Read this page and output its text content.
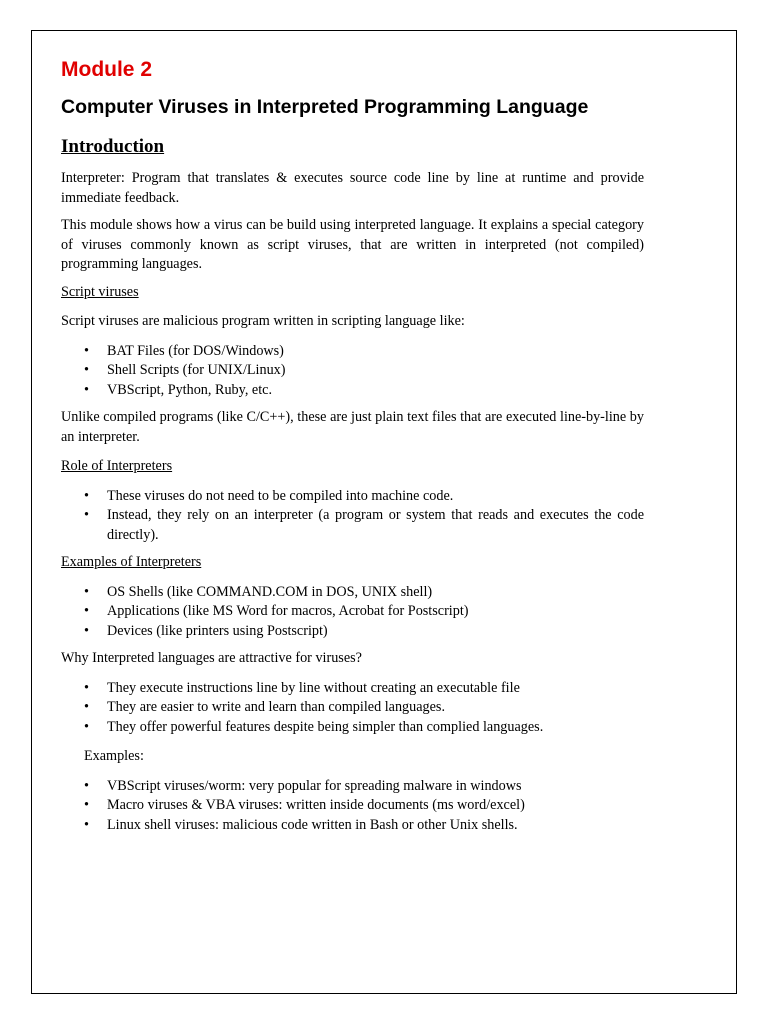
Module 2
Computer Viruses in Interpreted Programming Language
Introduction

Interpreter: Program that translates & executes source code line by line at runtime and provide immediate feedback.

This module shows how a virus can be build using interpreted language. It explains a special category of viruses commonly known as script viruses, that are written in interpreted (not compiled) programming languages.

Script viruses

Script viruses are malicious program written in scripting language like:

• BAT Files (for DOS/Windows)
• Shell Scripts (for UNIX/Linux)
• VBScript, Python, Ruby, etc.

Unlike compiled programs (like C/C++), these are just plain text files that are executed line-by-line by an interpreter.

Role of Interpreters

• These viruses do not need to be compiled into machine code.
• Instead, they rely on an interpreter (a program or system that reads and executes the code directly).

Examples of Interpreters

• OS Shells (like COMMAND.COM in DOS, UNIX shell)
• Applications (like MS Word for macros, Acrobat for Postscript)
• Devices (like printers using Postscript)

Why Interpreted languages are attractive for viruses?

• They execute instructions line by line without creating an executable file
• They are easier to write and learn than compiled languages.
• They offer powerful features despite being simpler than complied languages.

Examples:

• VBScript viruses/worm: very popular for spreading malware in windows
• Macro viruses & VBA viruses: written inside documents (ms word/excel)
• Linux shell viruses: malicious code written in Bash or other Unix shells.
